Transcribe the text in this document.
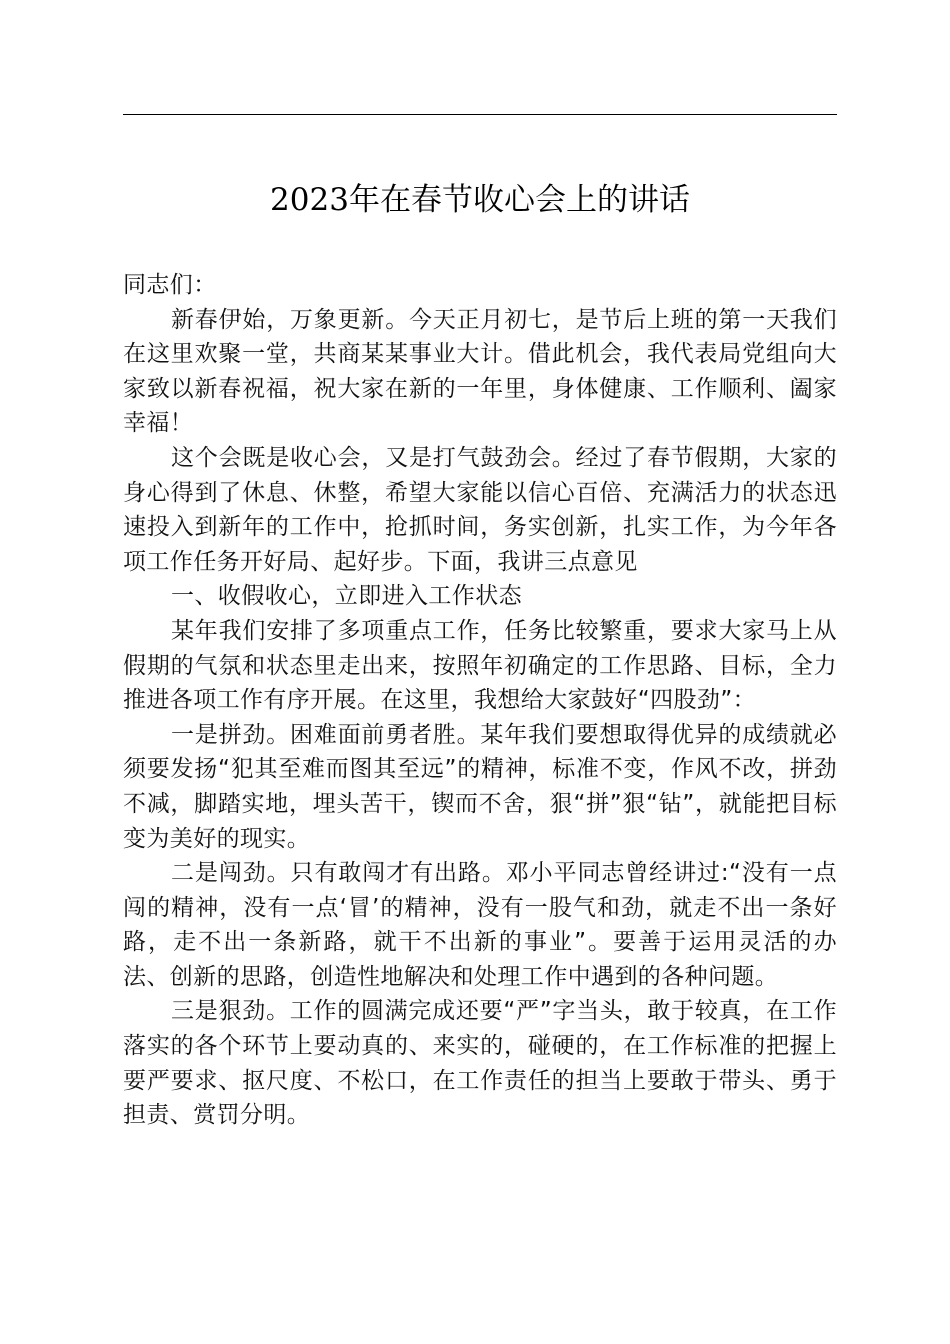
2023年在春节收心会上的讲话

同志们：

新春伊始，万象更新。今天正月初七，是节后上班的第一天我们在这里欢聚一堂，共商某某事业大计。借此机会，我代表局党组向大家致以新春祝福，祝大家在新的一年里，身体健康、工作顺利、阖家幸福！

这个会既是收心会，又是打气鼓劲会。经过了春节假期，大家的身心得到了休息、休整，希望大家能以信心百倍、充满活力的状态迅速投入到新年的工作中，抢抓时间，务实创新，扎实工作，为今年各项工作任务开好局、起好步。下面，我讲三点意见

一、收假收心，立即进入工作状态

某年我们安排了多项重点工作，任务比较繁重，要求大家马上从假期的气氛和状态里走出来，按照年初确定的工作思路、目标，全力推进各项工作有序开展。在这里，我想给大家鼓好“四股劲”：

一是拼劲。困难面前勇者胜。某年我们要想取得优异的成绩就必须要发扬“犯其至难而图其至远”的精神，标准不变，作风不改，拼劲不减，脚踏实地，埋头苦干，锲而不舍，狠“拼”狠“钻”，就能把目标变为美好的现实。

二是闯劲。只有敢闯才有出路。邓小平同志曾经讲过:“没有一点闯的精神，没有一点‘冒’的精神，没有一股气和劲，就走不出一条好路，走不出一条新路，就干不出新的事业”。要善于运用灵活的办法、创新的思路，创造性地解决和处理工作中遇到的各种问题。

三是狠劲。工作的圆满完成还要“严”字当头，敢于较真，在工作落实的各个环节上要动真的、来实的，碰硬的，在工作标准的把握上要严要求、抠尺度、不松口，在工作责任的担当上要敢于带头、勇于担责、赏罚分明。
